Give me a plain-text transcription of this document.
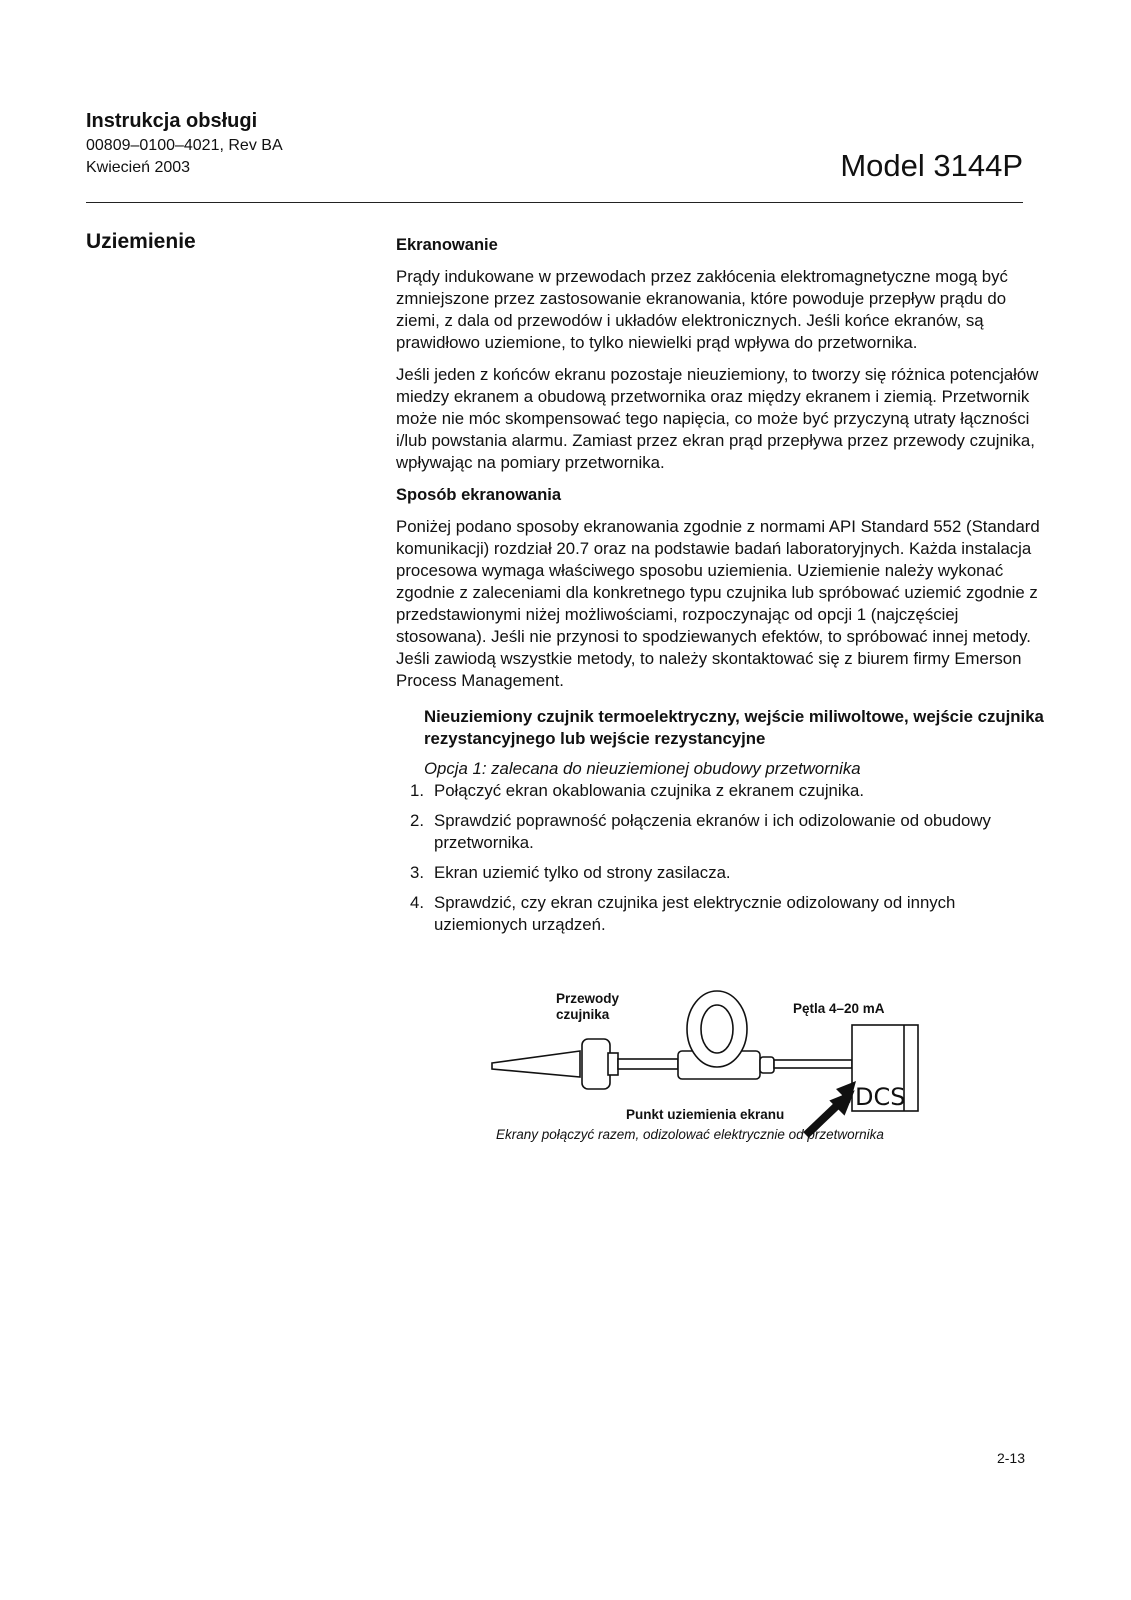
Instrukcja obsługi
00809–0100–4021, Rev BA
Kwiecień 2003	Model 3144P
Uziemienie	Ekranowanie

Prądy indukowane w przewodach przez zakłócenia elektromagnetyczne mogą być zmniejszone przez zastosowanie ekranowania, które powoduje przepływ prądu do ziemi, z dala od przewodów i układów elektronicznych. Jeśli końce ekranów, są prawidłowo uziemione, to tylko niewielki prąd wpływa do przetwornika.

Jeśli jeden z końców ekranu pozostaje nieuziemiony, to tworzy się różnica potencjałów miedzy ekranem a obudową przetwornika oraz między ekranem i ziemią. Przetwornik może nie móc skompensować tego napięcia, co może być przyczyną utraty łączności i/lub powstania alarmu. Zamiast przez ekran prąd przepływa przez przewody czujnika, wpływając na pomiary przetwornika.

Sposób ekranowania

Poniżej podano sposoby ekranowania zgodnie z normami API Standard 552 (Standard komunikacji) rozdział 20.7 oraz na podstawie badań laboratoryjnych. Każda instalacja procesowa wymaga właściwego sposobu uziemienia. Uziemienie należy wykonać zgodnie z zaleceniami dla konkretnego typu czujnika lub spróbować uziemić zgodnie z przedstawionymi niżej możliwościami, rozpoczynając od opcji 1 (najczęściej stosowana). Jeśli nie przynosi to spodziewanych efektów, to spróbować innej metody. Jeśli zawiodą wszystkie metody, to należy skontaktować się z biurem firmy Emerson Process Management.

Nieuziemiony czujnik termoelektryczny, wejście miliwoltowe, wejście czujnika rezystancyjnego lub wejście rezystancyjne
Opcja 1: zalecana do nieuziemionej obudowy przetwornika
1. Połączyć ekran okablowania czujnika z ekranem czujnika.
2. Sprawdzić poprawność połączenia ekranów i ich odizolowanie od obudowy przetwornika.
3. Ekran uziemić tylko od strony zasilacza.
4. Sprawdzić, czy ekran czujnika jest elektrycznie odizolowany od innych uziemionych urządzeń.
Przewody
czujnika	Pętla 4–20 mA
DCS
Punkt uziemienia ekranu
Ekrany połączyć razem, odizolować elektrycznie od przetwornika
2-13
